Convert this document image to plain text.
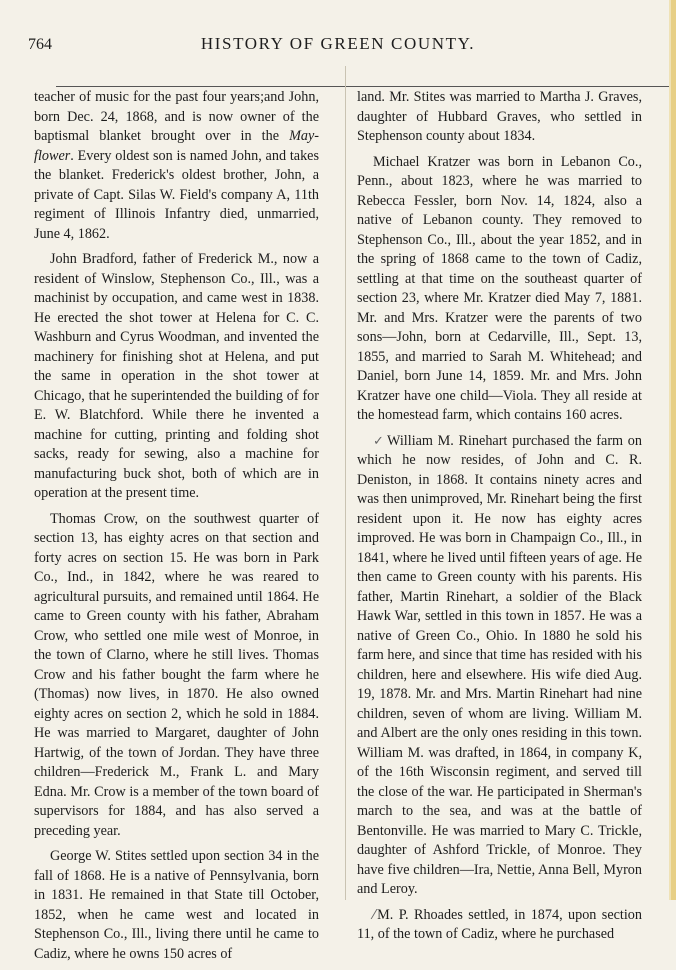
764	HISTORY OF GREEN COUNTY.

teacher of music for the past four years;and John, born Dec. 24, 1868, and is now owner of the baptismal blanket brought over in the May-flower. Every oldest son is named John, and takes the blanket. Frederick's oldest brother, John, a private of Capt. Silas W. Field's company A, 11th regiment of Illinois Infantry died, unmarried, June 4, 1862.

John Bradford, father of Frederick M., now a resident of Winslow, Stephenson Co., Ill., was a machinist by occupation, and came west in 1838. He erected the shot tower at Helena for C. C. Washburn and Cyrus Woodman, and invented the machinery for finishing shot at Helena, and put the same in operation in the shot tower at Chicago, that he superintended the building of for E. W. Blatchford. While there he invented a machine for cutting, printing and folding shot sacks, ready for sewing, also a machine for manufacturing buck shot, both of which are in operation at the present time.

Thomas Crow, on the southwest quarter of section 13, has eighty acres on that section and forty acres on section 15. He was born in Park Co., Ind., in 1842, where he was reared to agricultural pursuits, and remained until 1864. He came to Green county with his father, Abraham Crow, who settled one mile west of Monroe, in the town of Clarno, where he still lives. Thomas Crow and his father bought the farm where he (Thomas) now lives, in 1870. He also owned eighty acres on section 2, which he sold in 1884. He was married to Margaret, daughter of John Hartwig, of the town of Jordan. They have three children—Frederick M., Frank L. and Mary Edna. Mr. Crow is a member of the town board of supervisors for 1884, and has also served a preceding year.

George W. Stites settled upon section 34 in the fall of 1868. He is a native of Pennsylvania, born in 1831. He remained in that State till October, 1852, when he came west and located in Stephenson Co., Ill., living there until he came to Cadiz, where he owns 150 acres of

land. Mr. Stites was married to Martha J. Graves, daughter of Hubbard Graves, who settled in Stephenson county about 1834.

Michael Kratzer was born in Lebanon Co., Penn., about 1823, where he was married to Rebecca Fessler, born Nov. 14, 1824, also a native of Lebanon county. They removed to Stephenson Co., Ill., about the year 1852, and in the spring of 1868 came to the town of Cadiz, settling at that time on the southeast quarter of section 23, where Mr. Kratzer died May 7, 1881. Mr. and Mrs. Kratzer were the parents of two sons—John, born at Cedarville, Ill., Sept. 13, 1855, and married to Sarah M. Whitehead; and Daniel, born June 14, 1859. Mr. and Mrs. John Kratzer have one child—Viola. They all reside at the homestead farm, which contains 160 acres.

✓ William M. Rinehart purchased the farm on which he now resides, of John and C. R. Deniston, in 1868. It contains ninety acres and was then unimproved, Mr. Rinehart being the first resident upon it. He now has eighty acres improved. He was born in Champaign Co., Ill., in 1841, where he lived until fifteen years of age. He then came to Green county with his parents. His father, Martin Rinehart, a soldier of the Black Hawk War, settled in this town in 1857. He was a native of Green Co., Ohio. In 1880 he sold his farm here, and since that time has resided with his children, here and elsewhere. His wife died Aug. 19, 1878. Mr. and Mrs. Martin Rinehart had nine children, seven of whom are living. William M. and Albert are the only ones residing in this town. William M. was drafted, in 1864, in company K, of the 16th Wisconsin regiment, and served till the close of the war. He participated in Sherman's march to the sea, and was at the battle of Bentonville. He was married to Mary C. Trickle, daughter of Ashford Trickle, of Monroe. They have five children—Ira, Nettie, Anna Bell, Myron and Leroy.

⁄ M. P. Rhoades settled, in 1874, upon section 11, of the town of Cadiz, where he purchased
